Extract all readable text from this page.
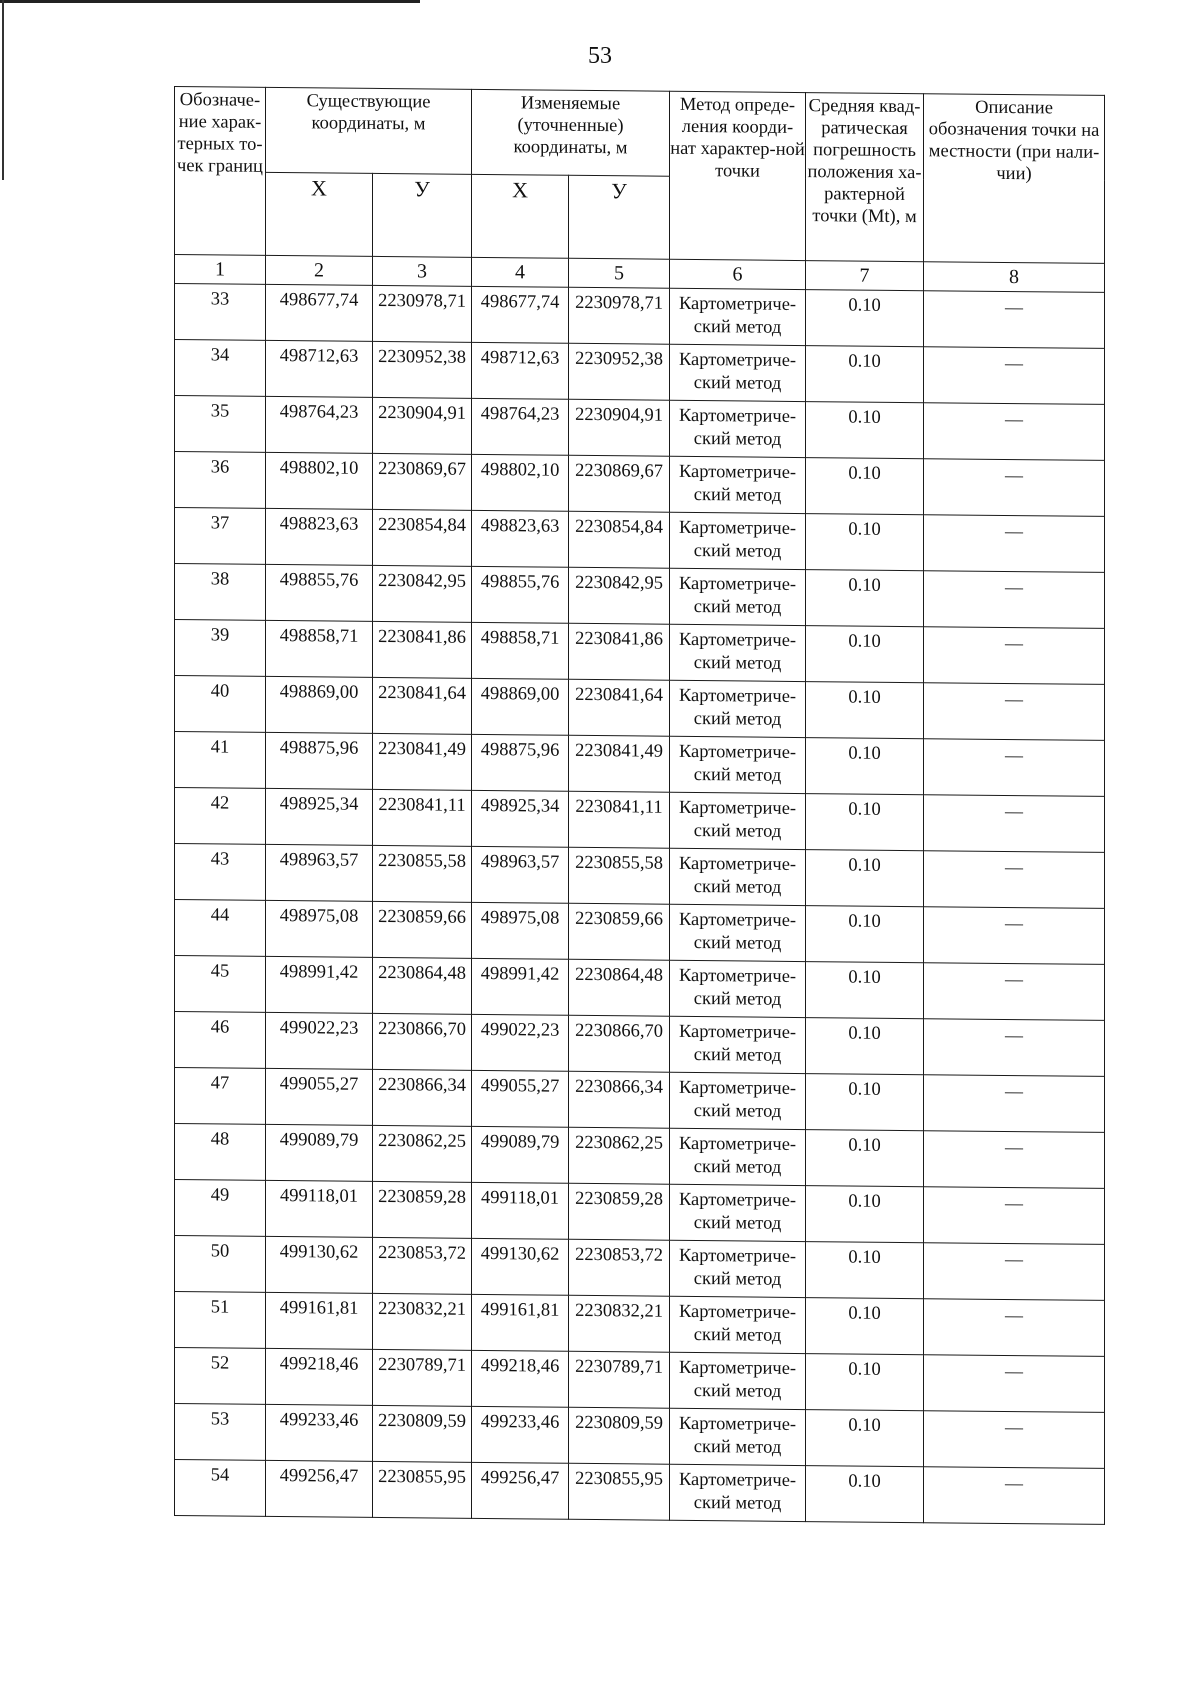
53
Обозначе-ние харак-терных то-чек границ	Существующие координаты, м		Изменяемые (уточненные) координаты, м		Метод опреде-ления коорди-нат характер-ной точки	Средняя квад-ратическая погрешность положения ха-рактерной точки (Mt), м	Описание обозначения точки на местности (при нали-чии)
	Х	У	Х	У			
1	2	3	4	5	6	7	8
33	498677,74	2230978,71	498677,74	2230978,71	Картометриче-ский метод	0.10	—
34	498712,63	2230952,38	498712,63	2230952,38	Картометриче-ский метод	0.10	—
35	498764,23	2230904,91	498764,23	2230904,91	Картометриче-ский метод	0.10	—
36	498802,10	2230869,67	498802,10	2230869,67	Картометриче-ский метод	0.10	—
37	498823,63	2230854,84	498823,63	2230854,84	Картометриче-ский метод	0.10	—
38	498855,76	2230842,95	498855,76	2230842,95	Картометриче-ский метод	0.10	—
39	498858,71	2230841,86	498858,71	2230841,86	Картометриче-ский метод	0.10	—
40	498869,00	2230841,64	498869,00	2230841,64	Картометриче-ский метод	0.10	—
41	498875,96	2230841,49	498875,96	2230841,49	Картометриче-ский метод	0.10	—
42	498925,34	2230841,11	498925,34	2230841,11	Картометриче-ский метод	0.10	—
43	498963,57	2230855,58	498963,57	2230855,58	Картометриче-ский метод	0.10	—
44	498975,08	2230859,66	498975,08	2230859,66	Картометриче-ский метод	0.10	—
45	498991,42	2230864,48	498991,42	2230864,48	Картометриче-ский метод	0.10	—
46	499022,23	2230866,70	499022,23	2230866,70	Картометриче-ский метод	0.10	—
47	499055,27	2230866,34	499055,27	2230866,34	Картометриче-ский метод	0.10	—
48	499089,79	2230862,25	499089,79	2230862,25	Картометриче-ский метод	0.10	—
49	499118,01	2230859,28	499118,01	2230859,28	Картометриче-ский метод	0.10	—
50	499130,62	2230853,72	499130,62	2230853,72	Картометриче-ский метод	0.10	—
51	499161,81	2230832,21	499161,81	2230832,21	Картометриче-ский метод	0.10	—
52	499218,46	2230789,71	499218,46	2230789,71	Картометриче-ский метод	0.10	—
53	499233,46	2230809,59	499233,46	2230809,59	Картометриче-ский метод	0.10	—
54	499256,47	2230855,95	499256,47	2230855,95	Картометриче-ский метод	0.10	—
